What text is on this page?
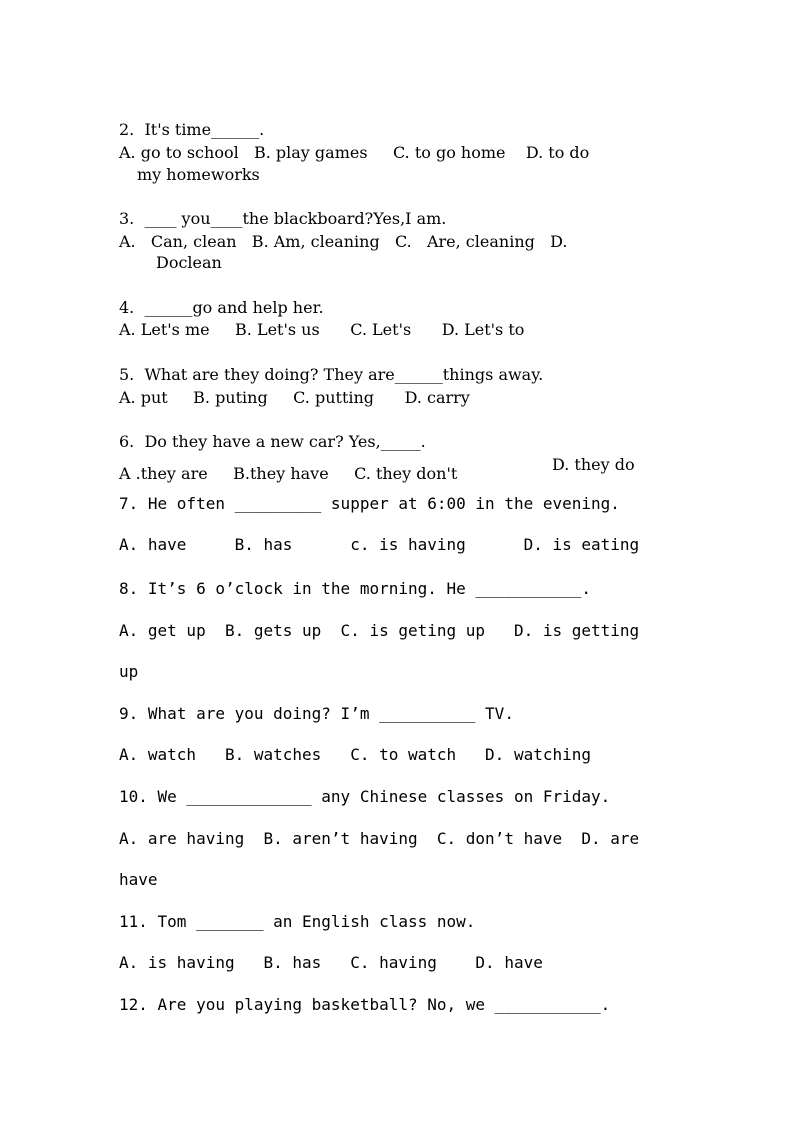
2.  It's time______.
A. go to school   B. play games     C. to go home    D. to do
my homeworks
3.  ____ you____the blackboard?Yes,I am.
A.   Can, clean   B. Am, cleaning   C.   Are, cleaning   D.
Doclean
4.  ______go and help her.
A. Let's me     B. Let's us      C. Let's      D. Let's to
5.  What are they doing? They are______things away.
A. put     B. puting     C. putting      D. carry
6.  Do they have a new car? Yes,_____.
A .they are     B.they have     C. they don't	D. they do
7. He often _________ supper at 6:00 in the evening.
A. have     B. has      c. is having      D. is eating
8. It’s 6 o’clock in the morning. He ___________.
A. get up  B. gets up  C. is geting up   D. is getting
up
9. What are you doing? I’m __________ TV.
A. watch   B. watches   C. to watch   D. watching
10. We _____________ any Chinese classes on Friday.
A. are having  B. aren’t having  C. don’t have  D. are
have
11. Tom _______ an English class now.
A. is having   B. has   C. having    D. have
12. Are you playing basketball? No, we ___________.
